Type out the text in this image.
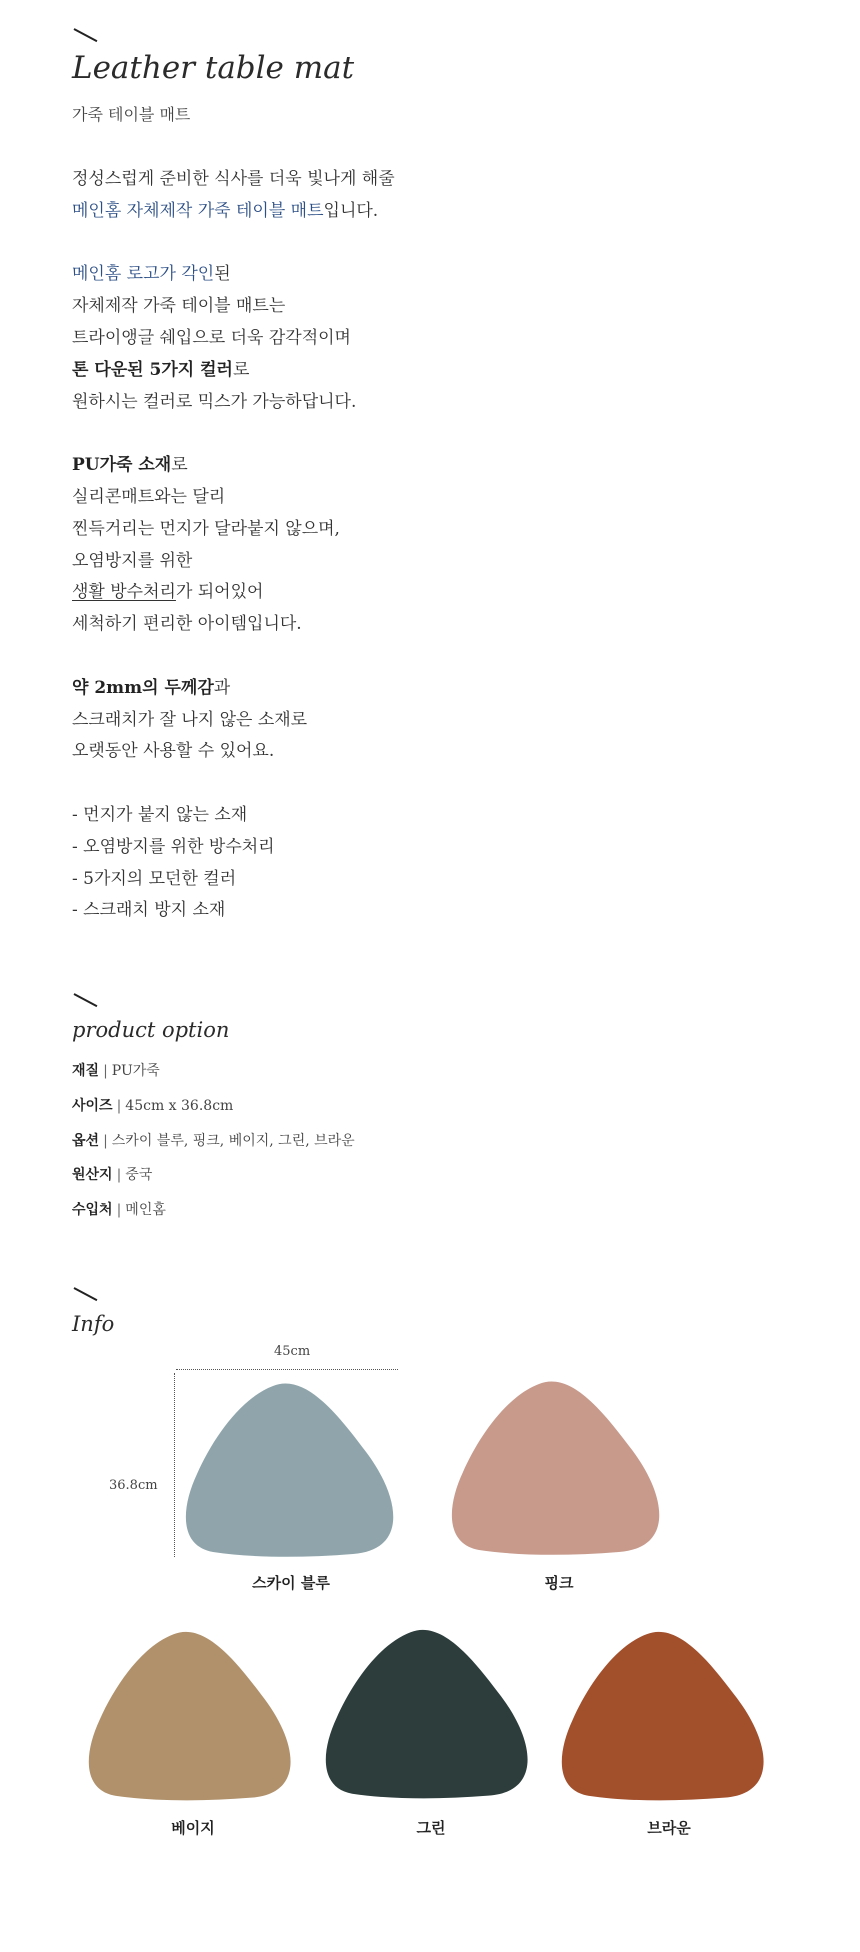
Leather table mat
가죽 테이블 매트

정성스럽게 준비한 식사를 더욱 빛나게 해줄

메인홈 자체제작 가죽 테이블 매트입니다.

메인홈 로고가 각인된

자체제작 가죽 테이블 매트는

트라이앵글 쉐입으로 더욱 감각적이며

톤 다운된 5가지 컬러로

원하시는 컬러로 믹스가 가능하답니다.

PU가죽 소재로

실리콘매트와는 달리

찐득거리는 먼지가 달라붙지 않으며,

오염방지를 위한

생활 방수처리가 되어있어

세척하기 편리한 아이템입니다.

약 2mm의 두께감과

스크래치가 잘 나지 않은 소재로

오랫동안 사용할 수 있어요.

- 먼지가 붙지 않는 소재

- 오염방지를 위한 방수처리

- 5가지의 모던한 컬러

- 스크래치 방지 소재

product option
재질 | PU가죽
사이즈 | 45cm x 36.8cm
옵션 | 스카이 블루, 핑크, 베이지, 그린, 브라운
원산지 | 중국
수입처 | 메인홈
Info
45cm
36.8cm
스카이 블루	핑크
베이지	그린	브라운
